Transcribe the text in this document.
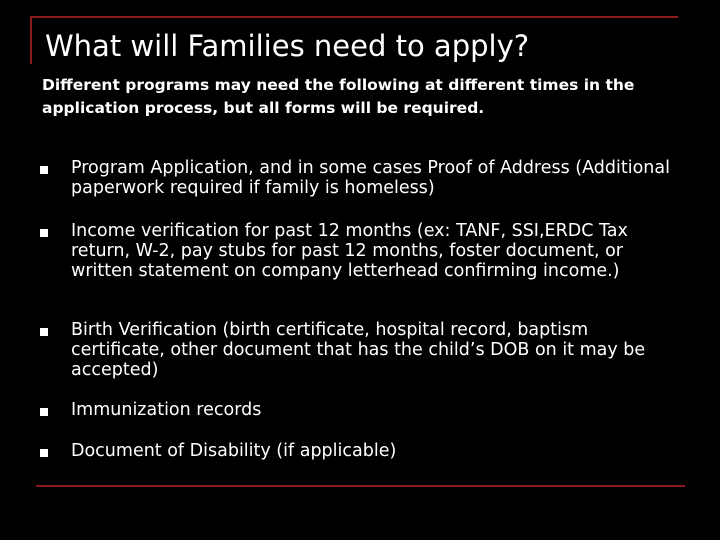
What will Families need to apply?

Different programs may need the following at different times in the application process, but all forms will be required.

Program Application, and in some cases Proof of Address (Additional paperwork required if family is homeless)
Income verification for past 12 months (ex: TANF, SSI,ERDC Tax return, W-2, pay stubs for past 12 months, foster document, or written statement on company letterhead confirming income.)
Birth Verification (birth certificate, hospital record, baptism certificate, other document that has the child’s DOB on it may be accepted)
Immunization records
Document of Disability (if applicable)
